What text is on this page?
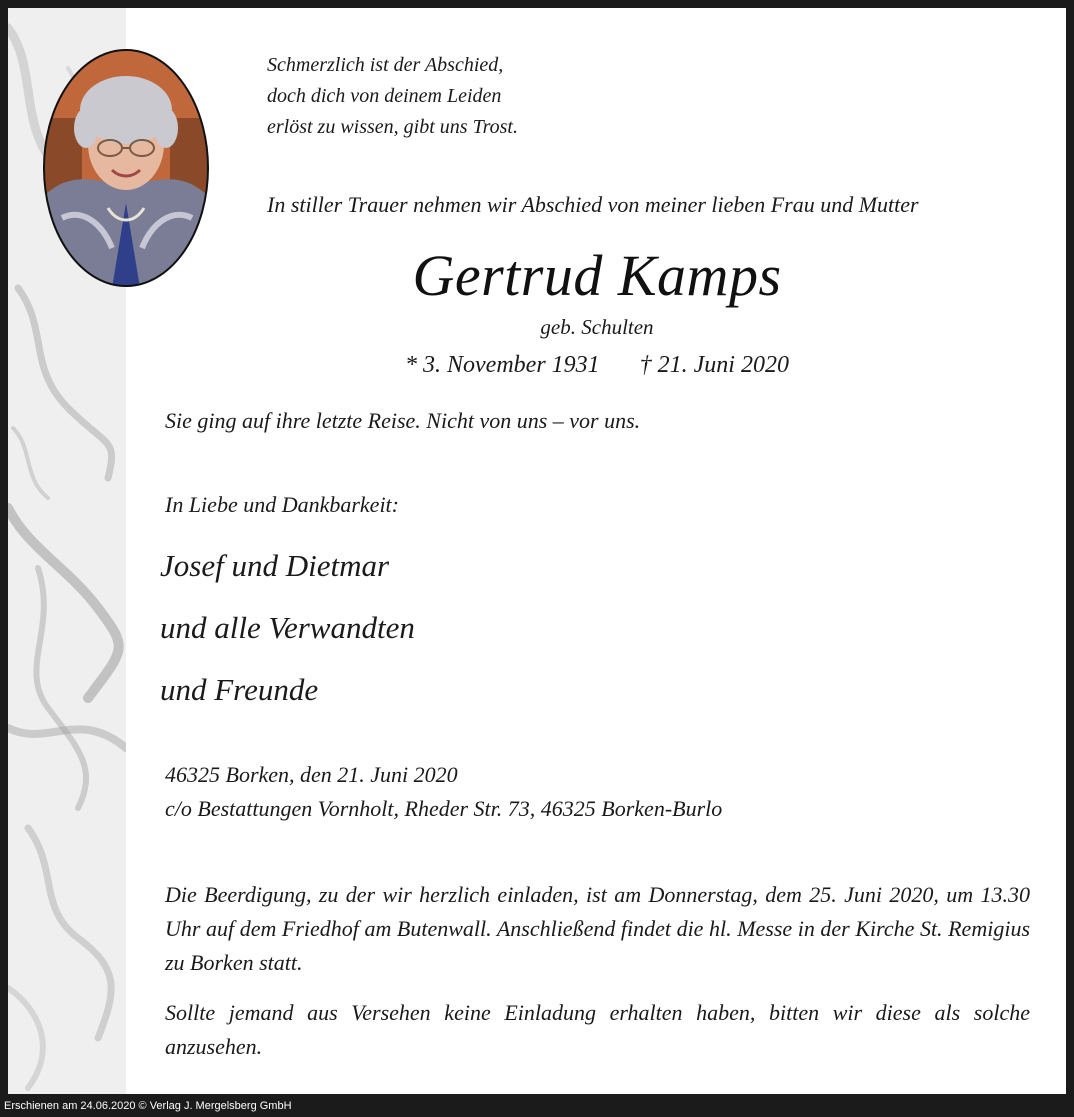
Schmerzlich ist der Abschied,
doch dich von deinem Leiden
erlöst zu wissen, gibt uns Trost.
In stiller Trauer nehmen wir Abschied von meiner lieben Frau und Mutter
Gertrud Kamps
geb. Schulten
* 3. November 1931 † 21. Juni 2020
Sie ging auf ihre letzte Reise. Nicht von uns – vor uns.
In Liebe und Dankbarkeit:
Josef und Dietmar
und alle Verwandten
und Freunde
46325 Borken, den 21. Juni 2020
c/o Bestattungen Vornholt, Rheder Str. 73, 46325 Borken-Burlo
Die Beerdigung, zu der wir herzlich einladen, ist am Donnerstag, dem 25. Juni 2020, um 13.30 Uhr auf dem Friedhof am Butenwall. Anschließend findet die hl. Messe in der Kirche St. Remigius zu Borken statt.
Sollte jemand aus Versehen keine Einladung erhalten haben, bitten wir diese als solche anzusehen.
Erschienen am 24.06.2020 © Verlag J. Mergelsberg GmbH
